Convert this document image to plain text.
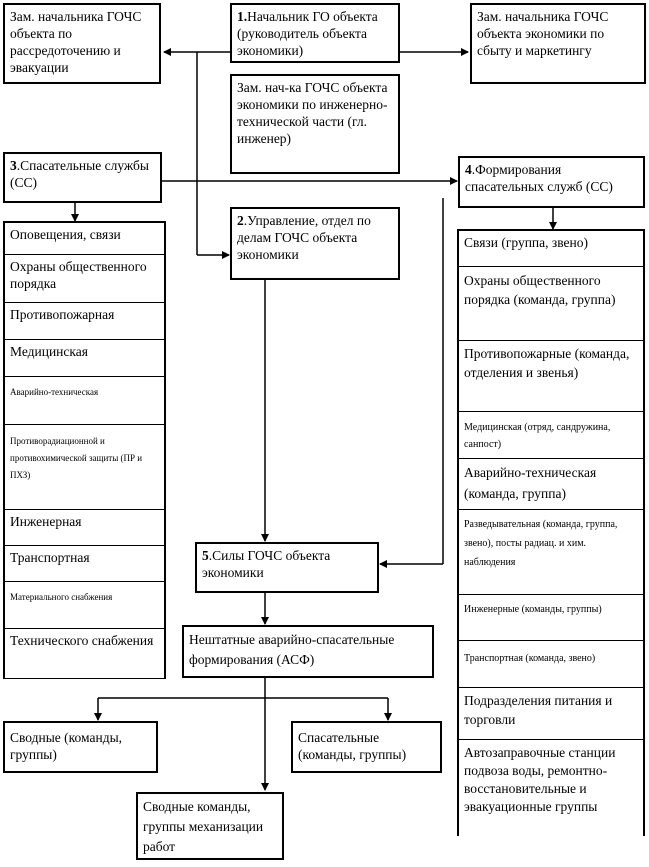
Зам. начальника ГОЧС объекта по рассредоточению и эвакуации
1.Начальник ГО объекта (руководитель объекта экономики)
Зам. начальника ГОЧС объекта экономики по сбыту и маркетингу
Зам. нач-ка ГОЧС объекта экономики по инженерно-технической части (гл. инженер)
3.Спасательные службы (СС)
2.Управление, отдел по делам ГОЧС объекта экономики
4.Формирования спасательных служб (СС)
Оповещения, связи
Охраны общественного порядка
Противопожарная
Медицинская
Аварийно-техническая
Противорадиационной и противохимической защиты (ПР и ПХЗ)
Инженерная
Транспортная
Материального снабжения
Технического снабжения
Связи (группа, звено)
Охраны общественного порядка (команда, группа)
Противопожарные (команда, отделения и звенья)
Медицинская (отряд, сандружина, санпост)
Аварийно-техническая (команда, группа)
Разведывательная (команда, группа, звено), посты радиац. и хим. наблюдения
Инженерные (команды, группы)
Транспортная (команда, звено)
Подразделения питания и торговли
Автозаправочные станции подвоза воды, ремонтно-восстановительные и эвакуационные группы
5.Силы ГОЧС объекта экономики
Нештатные аварийно-спасательные формирования (АСФ)
Сводные (команды, группы)
Спасательные (команды, группы)
Сводные команды, группы механизации работ
